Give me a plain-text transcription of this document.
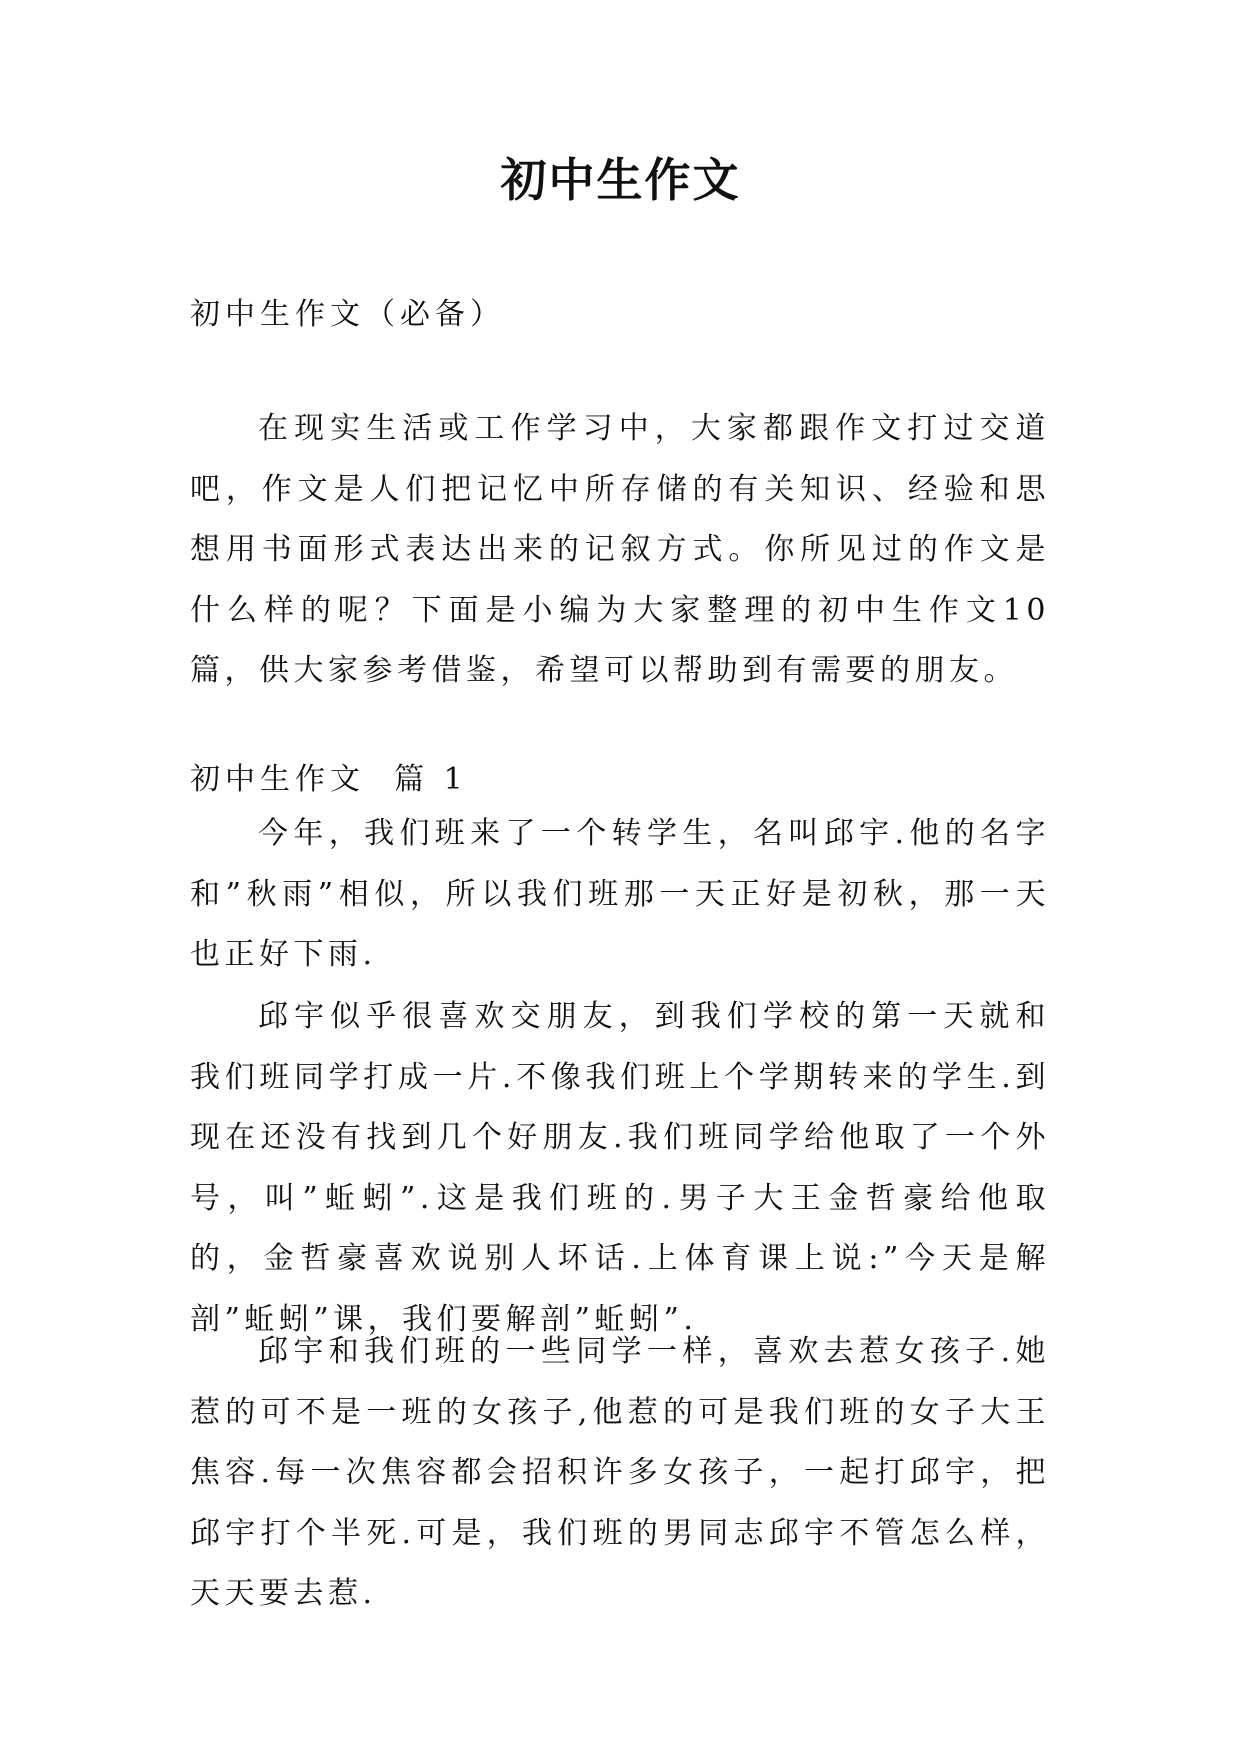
初中生作文

初中生作文（必备）

在现实生活或工作学习中，大家都跟作文打过交道吧，作文是人们把记忆中所存储的有关知识、经验和思想用书面形式表达出来的记叙方式。你所见过的作文是什么样的呢？下面是小编为大家整理的初中生作文10篇，供大家参考借鉴，希望可以帮助到有需要的朋友。

初中生作文  篇 1

今年，我们班来了一个转学生，名叫邱宇.他的名字和”秋雨”相似，所以我们班那一天正好是初秋，那一天也正好下雨.

邱宇似乎很喜欢交朋友，到我们学校的第一天就和我们班同学打成一片.不像我们班上个学期转来的学生.到现在还没有找到几个好朋友.我们班同学给他取了一个外号，叫”蚯蚓”.这是我们班的.男子大王金哲豪给他取的，金哲豪喜欢说别人坏话.上体育课上说:”今天是解剖”蚯蚓”课，我们要解剖”蚯蚓”.

邱宇和我们班的一些同学一样，喜欢去惹女孩子.她惹的可不是一班的女孩子,他惹的可是我们班的女子大王焦容.每一次焦容都会招积许多女孩子，一起打邱宇，把邱宇打个半死.可是，我们班的男同志邱宇不管怎么样，天天要去惹.
